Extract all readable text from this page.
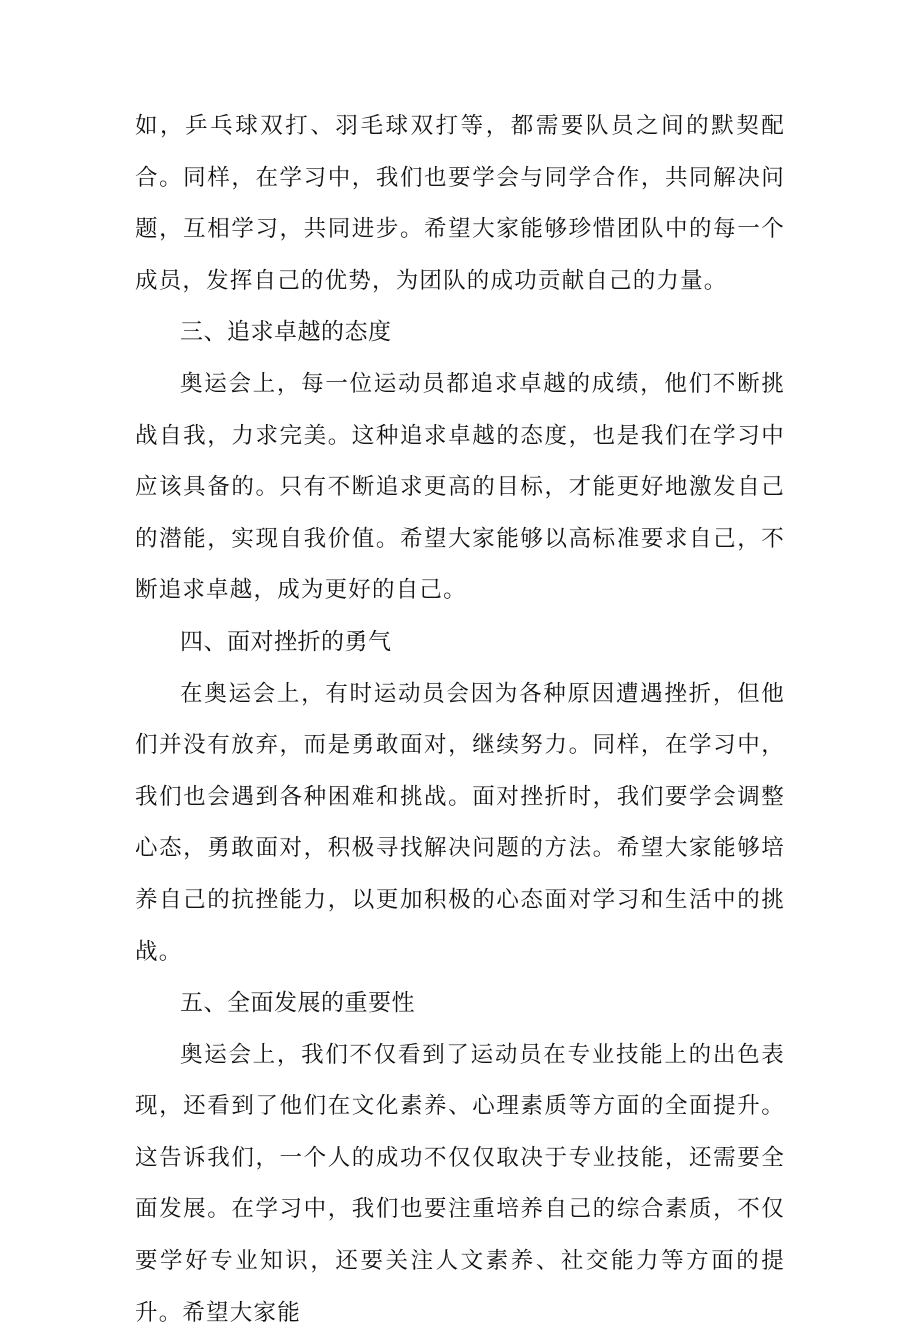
如，乒乓球双打、羽毛球双打等，都需要队员之间的默契配合。同样，在学习中，我们也要学会与同学合作，共同解决问题，互相学习，共同进步。希望大家能够珍惜团队中的每一个成员，发挥自己的优势，为团队的成功贡献自己的力量。

三、追求卓越的态度

奥运会上，每一位运动员都追求卓越的成绩，他们不断挑战自我，力求完美。这种追求卓越的态度，也是我们在学习中应该具备的。只有不断追求更高的目标，才能更好地激发自己的潜能，实现自我价值。希望大家能够以高标准要求自己，不断追求卓越，成为更好的自己。

四、面对挫折的勇气

在奥运会上，有时运动员会因为各种原因遭遇挫折，但他们并没有放弃，而是勇敢面对，继续努力。同样，在学习中，我们也会遇到各种困难和挑战。面对挫折时，我们要学会调整心态，勇敢面对，积极寻找解决问题的方法。希望大家能够培养自己的抗挫能力，以更加积极的心态面对学习和生活中的挑战。

五、全面发展的重要性

奥运会上，我们不仅看到了运动员在专业技能上的出色表现，还看到了他们在文化素养、心理素质等方面的全面提升。这告诉我们，一个人的成功不仅仅取决于专业技能，还需要全面发展。在学习中，我们也要注重培养自己的综合素质，不仅要学好专业知识，还要关注人文素养、社交能力等方面的提升。希望大家能
